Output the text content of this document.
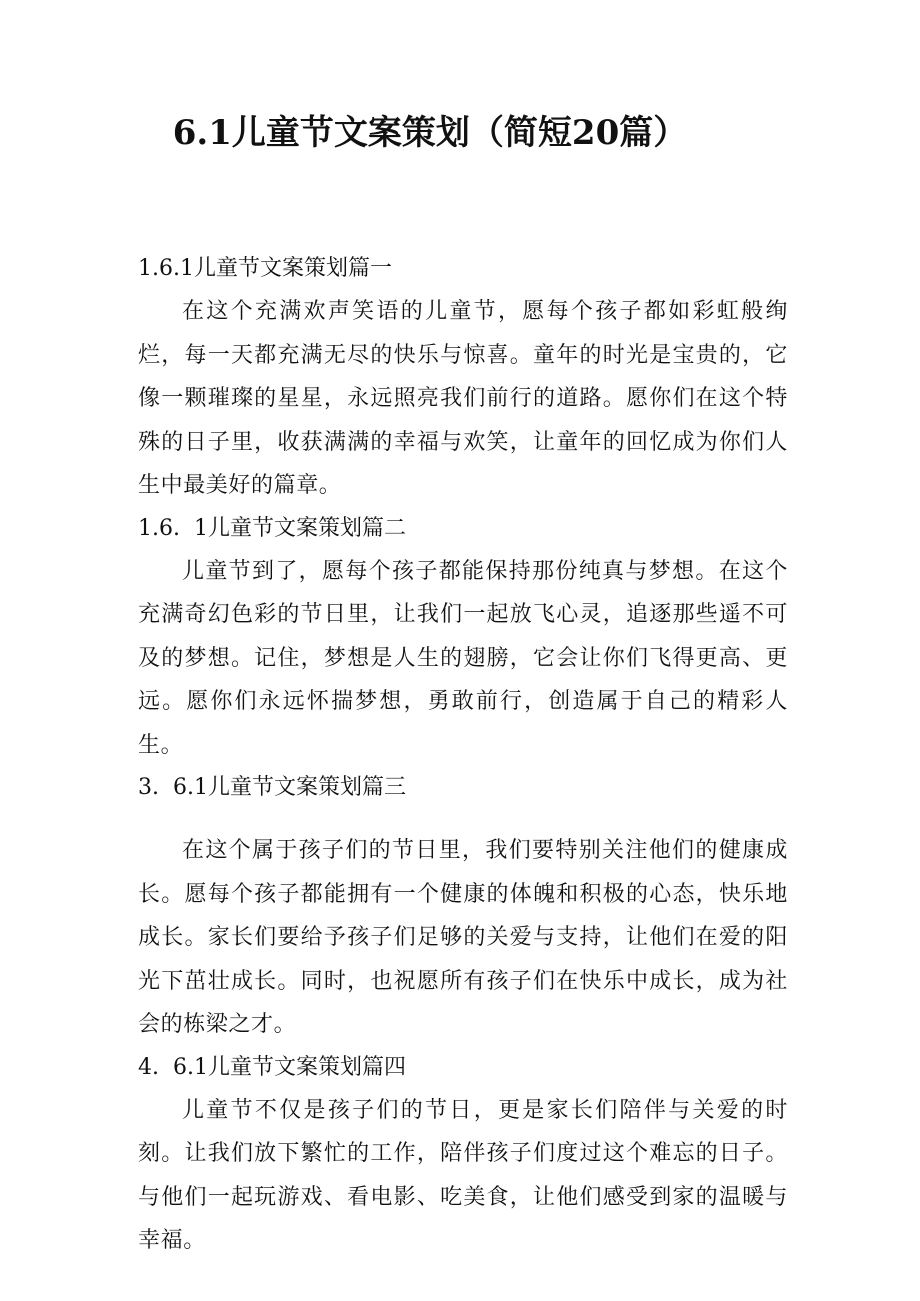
6.1儿童节文案策划（简短20篇）

1.6.1儿童节文案策划篇一

在这个充满欢声笑语的儿童节，愿每个孩子都如彩虹般绚烂，每一天都充满无尽的快乐与惊喜。童年的时光是宝贵的，它像一颗璀璨的星星，永远照亮我们前行的道路。愿你们在这个特殊的日子里，收获满满的幸福与欢笑，让童年的回忆成为你们人生中最美好的篇章。

1.6.  1儿童节文案策划篇二

儿童节到了，愿每个孩子都能保持那份纯真与梦想。在这个充满奇幻色彩的节日里，让我们一起放飞心灵，追逐那些遥不可及的梦想。记住，梦想是人生的翅膀，它会让你们飞得更高、更远。愿你们永远怀揣梦想，勇敢前行，创造属于自己的精彩人生。

3.  6.1儿童节文案策划篇三

在这个属于孩子们的节日里，我们要特别关注他们的健康成长。愿每个孩子都能拥有一个健康的体魄和积极的心态，快乐地成长。家长们要给予孩子们足够的关爱与支持，让他们在爱的阳光下茁壮成长。同时，也祝愿所有孩子们在快乐中成长，成为社会的栋梁之才。

4.  6.1儿童节文案策划篇四

儿童节不仅是孩子们的节日，更是家长们陪伴与关爱的时刻。让我们放下繁忙的工作，陪伴孩子们度过这个难忘的日子。与他们一起玩游戏、看电影、吃美食，让他们感受到家的温暖与幸福。
